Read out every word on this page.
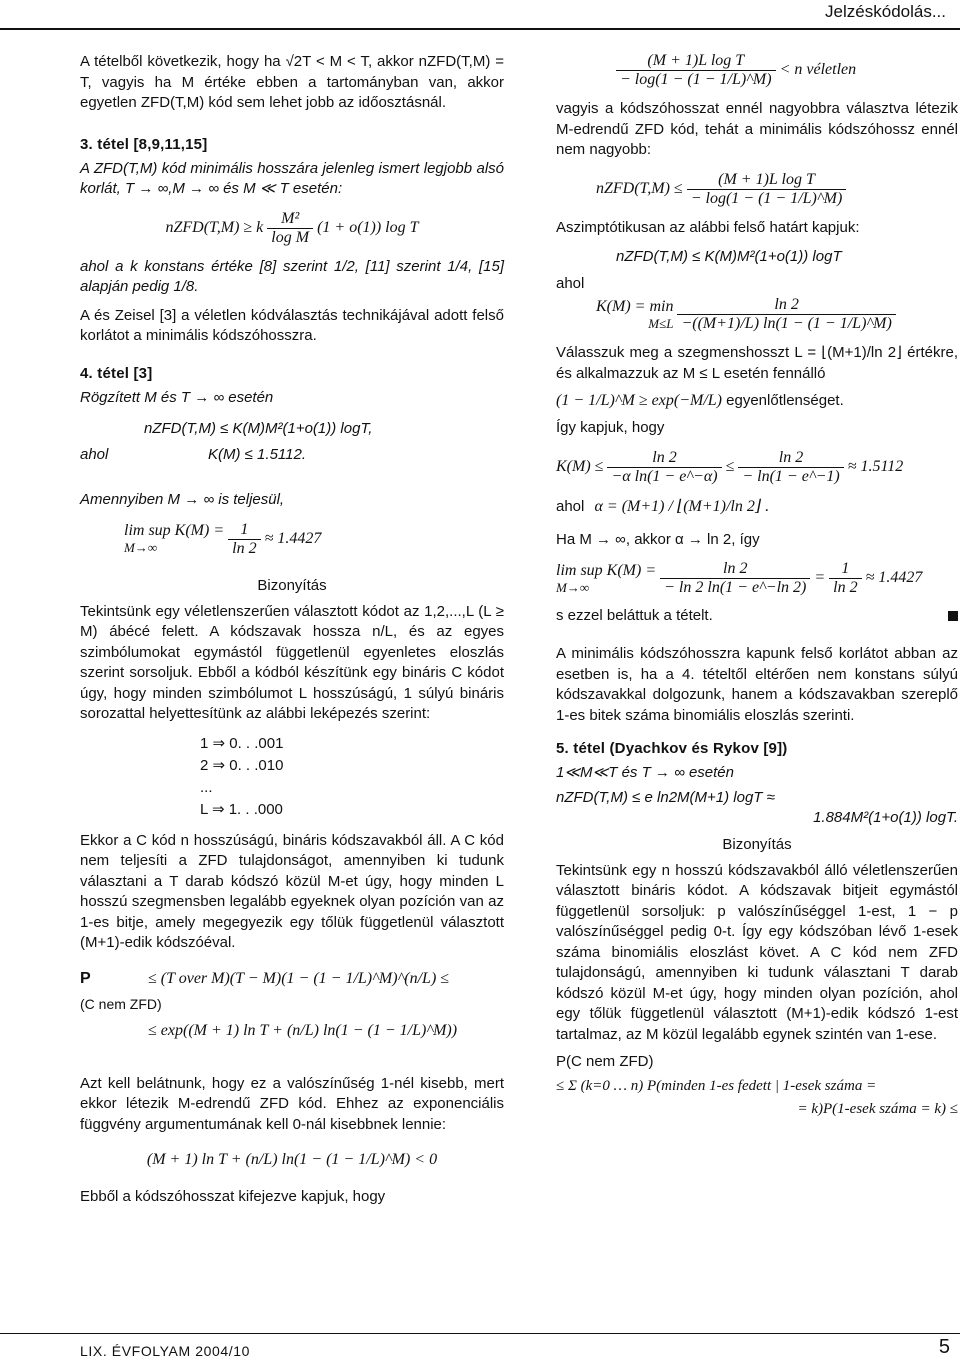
Jelzéskódolás...

A tételből következik, hogy ha √2T < M < T, akkor nZFD(T,M) = T, vagyis ha M értéke ebben a tartományban van, akkor egyetlen ZFD(T,M) kód sem lehet jobb az időosztásnál.

3. tétel [8,9,11,15]

A ZFD(T,M) kód minimális hosszára jelenleg ismert legjobb alsó korlát, T → ∞,M → ∞ és M ≪ T esetén:

nZFD(T,M) ≥ k $\frac{\text{M²}}{\text{log M}} (1 + o(1))$ log T

ahol a k konstans értéke [8] szerint 1/2, [11] szerint 1/4, [15] alapján pedig 1/8.

A és Zeisel [3] a véletlen kódválasztás technikájával adott felső korlátot a minimális kódszóhosszra.

4. tétel [3]

Rögzített M és T → ∞ esetén

nZFD(T,M) ≤ K(M)M²(1+o(1)) logT,
ahol	K(M) ≤ 1.5112.

Amennyiben M → ∞ is teljesül,

lim sup K(M) =
M→∞
	$\frac{1}{\ln 2} \approx 1.4427$
Bizonyítás

Tekintsünk egy véletlenszerűen választott kódot az 1,2,...,L (L ≥ M) ábécé felett. A kódszavak hossza n/L, és az egyes szimbólumokat egymástól függetlenül egyenletes eloszlás szerint sorsoljuk. Ebből a kódból készítünk egy bináris C kódot úgy, hogy minden szimbólumot L hosszúságú, 1 súlyú bináris sorozattal helyettesítünk az alábbi leképezés szerint:

1 ⇒ 0. . .001
2 ⇒ 0. . .010
...
L ⇒ 1. . .000

Ekkor a C kód n hosszúságú, bináris kódszavakból áll. A C kód nem teljesíti a ZFD tulajdonságot, amennyiben ki tudunk választani a T darab kódszó közül M-et úgy, hogy minden L hosszú szegmensben legalább egyeknek olyan pozíción van az 1-es bitje, amely megegyezik egy tőlük függetlenül választott (M+1)-edik kódszóéval.

P
(C nem ZFD)
≤ (T over M)(T − M)(1 − (1 − 1/L)^M)^(n/L) ≤
≤ exp((M + 1) ln T + (n/L) ln(1 − (1 − 1/L)^M))

Azt kell belátnunk, hogy ez a valószínűség 1-nél kisebb, mert ekkor létezik M-edrendű ZFD kód. Ehhez az exponenciális függvény argumentumának kell 0-nál kisebbnek lennie:

(M + 1) ln T + (n/L) ln(1 − (1 − 1/L)^M) < 0

Ebből a kódszóhosszat kifejezve kapjuk, hogy

$\frac{\text{(M + 1)L log T}}{- \log(1 - (1 - 1/L)\^{}M)} < n$ véletlen

vagyis a kódszóhosszat ennél nagyobbra választva létezik M-edrendű ZFD kód, tehát a minimális kódszóhossz ennél nem nagyobb:

nZFD(T,M) ≤ $\frac{\text{(M + 1)L log T}}{- \log(1 - (1 - 1/L)\^{}M)}$

Aszimptótikusan az alábbi felső határt kapjuk:

nZFD(T,M) ≤ K(M)M²(1+o(1)) logT
ahol
K(M) = min
M≤L
$\frac{\ln 2}{-((M+1)/L) \ln(1 - (1 - 1/L)\^{}M)}$

Válasszuk meg a szegmenshosszt L = ⌊(M+1)/ln 2⌋ értékre, és alkalmazzuk az M ≤ L esetén fennálló

(1 − 1/L)^M ≥ exp(−M/L) egyenlőtlenséget.

Így kapjuk, hogy

$K(M) \le \frac{\ln 2}{\text{−α ln(1 − e\textasciicircum{}−α)}} \le \frac{\ln 2}{- \ln(1 - e\^{}-1)} \approx 1.5112$
ahol α = (M+1) / ⌊(M+1)/ln 2⌋ .

Ha M → ∞, akkor α → ln 2, így

lim sup K(M) =
M→∞
	$\frac{\ln 2}{- \ln 2 \ln(1 - e\^{}-\ln 2)} = \frac{1}{\ln 2} \approx 1.4427$
s ezzel beláttuk a tételt.

A minimális kódszóhosszra kapunk felső korlátot abban az esetben is, ha a 4. tételtől eltérően nem konstans súlyú kódszavakkal dolgozunk, hanem a kódszavakban szereplő 1-es bitek száma binomiális eloszlás szerinti.

5. tétel (Dyachkov és Rykov [9])

1≪M≪T és T → ∞ esetén

nZFD(T,M) ≤ e ln2M(M+1) logT ≈
1.884M²(1+o(1)) logT.
Bizonyítás

Tekintsünk egy n hosszú kódszavakból álló véletlenszerűen választott bináris kódot. A kódszavak bitjeit egymástól függetlenül sorsoljuk: p valószínűséggel 1-est, 1 − p valószínűséggel pedig 0-t. Így egy kódszóban lévő 1-esek száma binomiális eloszlást követ. A C kód nem ZFD tulajdonságú, amennyiben ki tudunk választani T darab kódszó közül M-et úgy, hogy minden olyan pozíción, ahol egy tőlük függetlenül választott (M+1)-edik kódszó 1-est tartalmaz, az M közül legalább egynek szintén van 1-ese.

P(C nem ZFD)
≤ Σ (k=0 … n) P(minden 1-es fedett | 1-esek száma =
= k)P(1-esek száma = k) ≤
LIX. ÉVFOLYAM 2004/10	5
